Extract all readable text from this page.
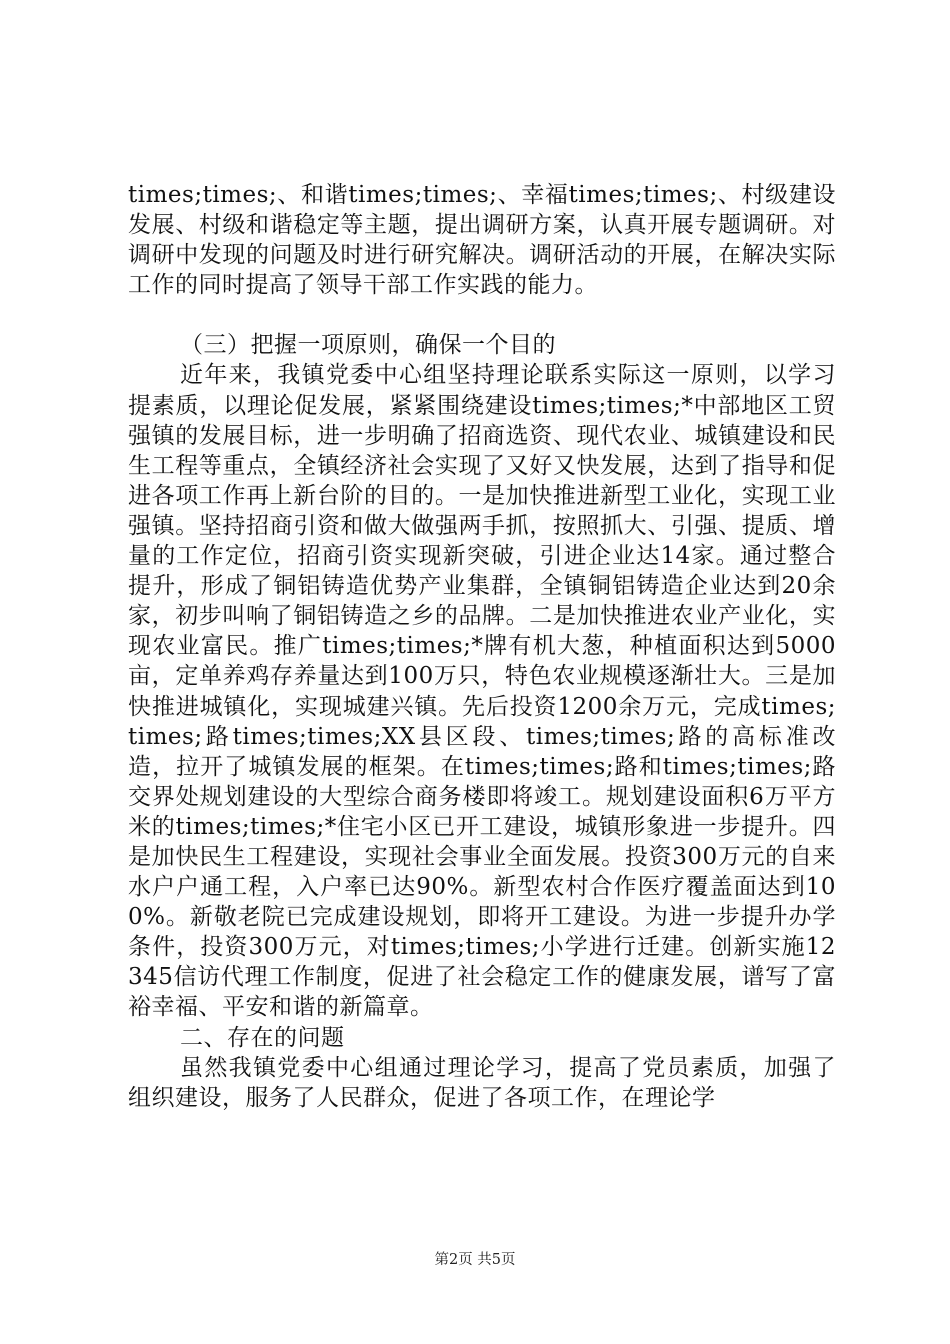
times;times;、和谐times;times;、幸福times;times;、村级建设发展、村级和谐稳定等主题，提出调研方案，认真开展专题调研。对调研中发现的问题及时进行研究解决。调研活动的开展，在解决实际工作的同时提高了领导干部工作实践的能力。

（三）把握一项原则，确保一个目的

近年来，我镇党委中心组坚持理论联系实际这一原则，以学习提素质，以理论促发展，紧紧围绕建设times;times;*中部地区工贸强镇的发展目标，进一步明确了招商选资、现代农业、城镇建设和民生工程等重点，全镇经济社会实现了又好又快发展，达到了指导和促进各项工作再上新台阶的目的。一是加快推进新型工业化，实现工业强镇。坚持招商引资和做大做强两手抓，按照抓大、引强、提质、增量的工作定位，招商引资实现新突破，引进企业达14家。通过整合提升，形成了铜铝铸造优势产业集群，全镇铜铝铸造企业达到20余家，初步叫响了铜铝铸造之乡的品牌。二是加快推进农业产业化，实现农业富民。推广times;times;*牌有机大葱，种植面积达到5000亩，定单养鸡存养量达到100万只，特色农业规模逐渐壮大。三是加快推进城镇化，实现城建兴镇。先后投资1200余万元，完成times;times;路times;times;XX县区段、times;times;路的高标准改造，拉开了城镇发展的框架。在times;times;路和times;times;路交界处规划建设的大型综合商务楼即将竣工。规划建设面积6万平方米的times;times;*住宅小区已开工建设，城镇形象进一步提升。四是加快民生工程建设，实现社会事业全面发展。投资300万元的自来水户户通工程，入户率已达90%。新型农村合作医疗覆盖面达到100%。新敬老院已完成建设规划，即将开工建设。为进一步提升办学条件，投资300万元，对times;times;小学进行迁建。创新实施12345信访代理工作制度，促进了社会稳定工作的健康发展，谱写了富裕幸福、平安和谐的新篇章。

二、存在的问题

虽然我镇党委中心组通过理论学习，提高了党员素质，加强了组织建设，服务了人民群众，促进了各项工作，在理论学

第2页 共5页
